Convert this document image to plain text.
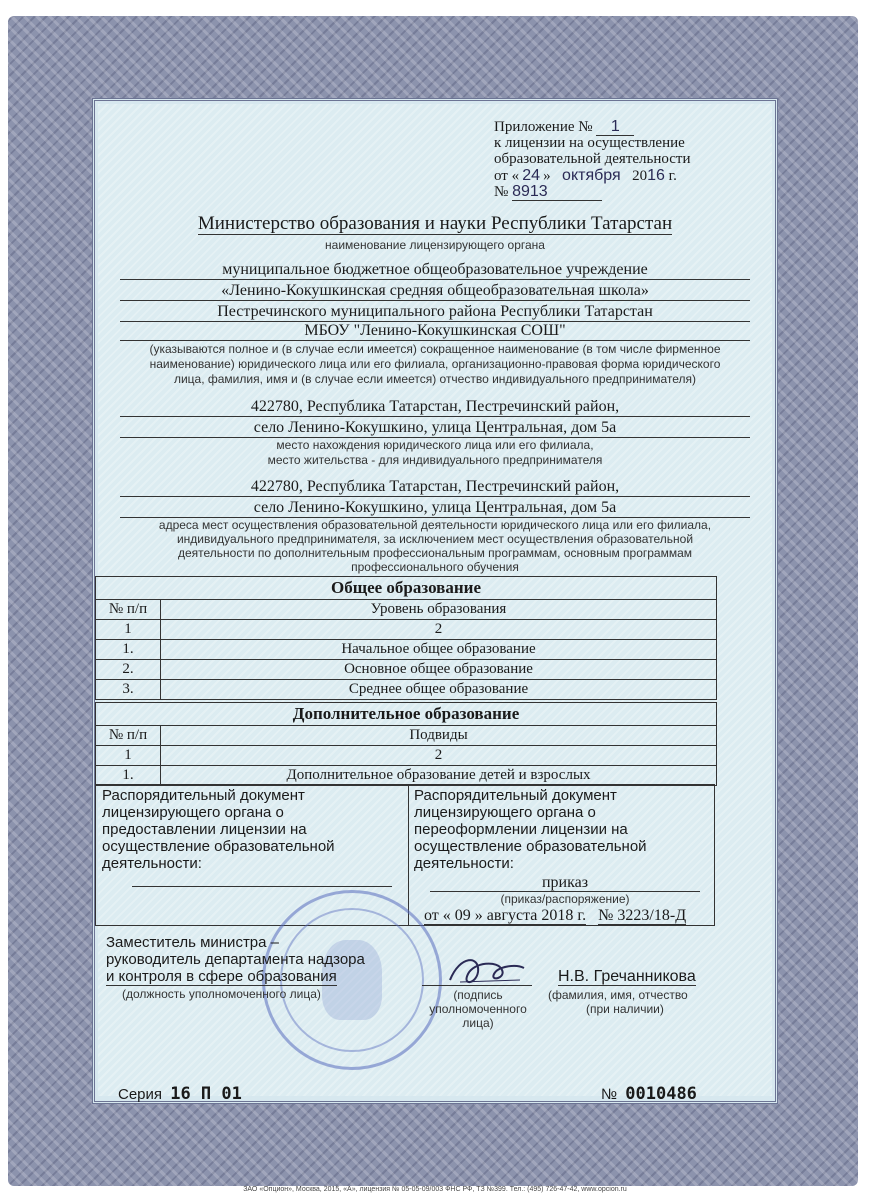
Приложение № 1
к лицензии на осуществление
образовательной деятельности
от « 24 » октября 2016 г.
№ 8913
Министерство образования и науки Республики Татарстан
наименование лицензирующего органа
муниципальное бюджетное общеобразовательное учреждение
«Ленино-Кокушкинская средняя общеобразовательная школа»
Пестречинского муниципального района Республики Татарстан
МБОУ "Ленино-Кокушкинская СОШ"
(указываются полное и (в случае если имеется) сокращенное наименование (в том числе фирменное
наименование) юридического лица или его филиала, организационно-правовая форма юридического
лица, фамилия, имя и (в случае если имеется) отчество индивидуального предпринимателя)
422780, Республика Татарстан, Пестречинский район,
село Ленино-Кокушкино, улица Центральная, дом 5а
место нахождения юридического лица или его филиала,
место жительства - для индивидуального предпринимателя
422780, Республика Татарстан, Пестречинский район,
село Ленино-Кокушкино, улица Центральная, дом 5а
адреса мест осуществления образовательной деятельности юридического лица или его филиала,
индивидуального предпринимателя, за исключением мест осуществления образовательной
деятельности по дополнительным профессиональным программам, основным программам
профессионального обучения
Общее образование
№ п/п	Уровень образования
1	2
1.	Начальное общее образование
2.	Основное общее образование
3.	Среднее общее образование
Дополнительное образование
№ п/п	Подвиды
1	2
1.	Дополнительное образование детей и взрослых
Распорядительный документ
лицензирующего органа о
предоставлении лицензии на
осуществление образовательной
деятельности:
Распорядительный документ
лицензирующего органа о
переоформлении лицензии на
осуществление образовательной
деятельности:
приказ
(приказ/распоряжение)
от « 09 » августа 2018 г. № 3223/18-Д
Заместитель министра –
руководитель департамента надзора
и контроля в сфере образования
(должность уполномоченного лица)	(подпись
уполномоченного лица)
Н.В. Гречанникова
(фамилия, имя, отчество
(при наличии)
Серия 16 П 01	№ 0010486
ЗАО «Опцион», Москва, 2015, «А», лицензия № 05-05-09/003 ФНС РФ, ТЗ №399. Тел.: (495) 726-47-42, www.opcion.ru
